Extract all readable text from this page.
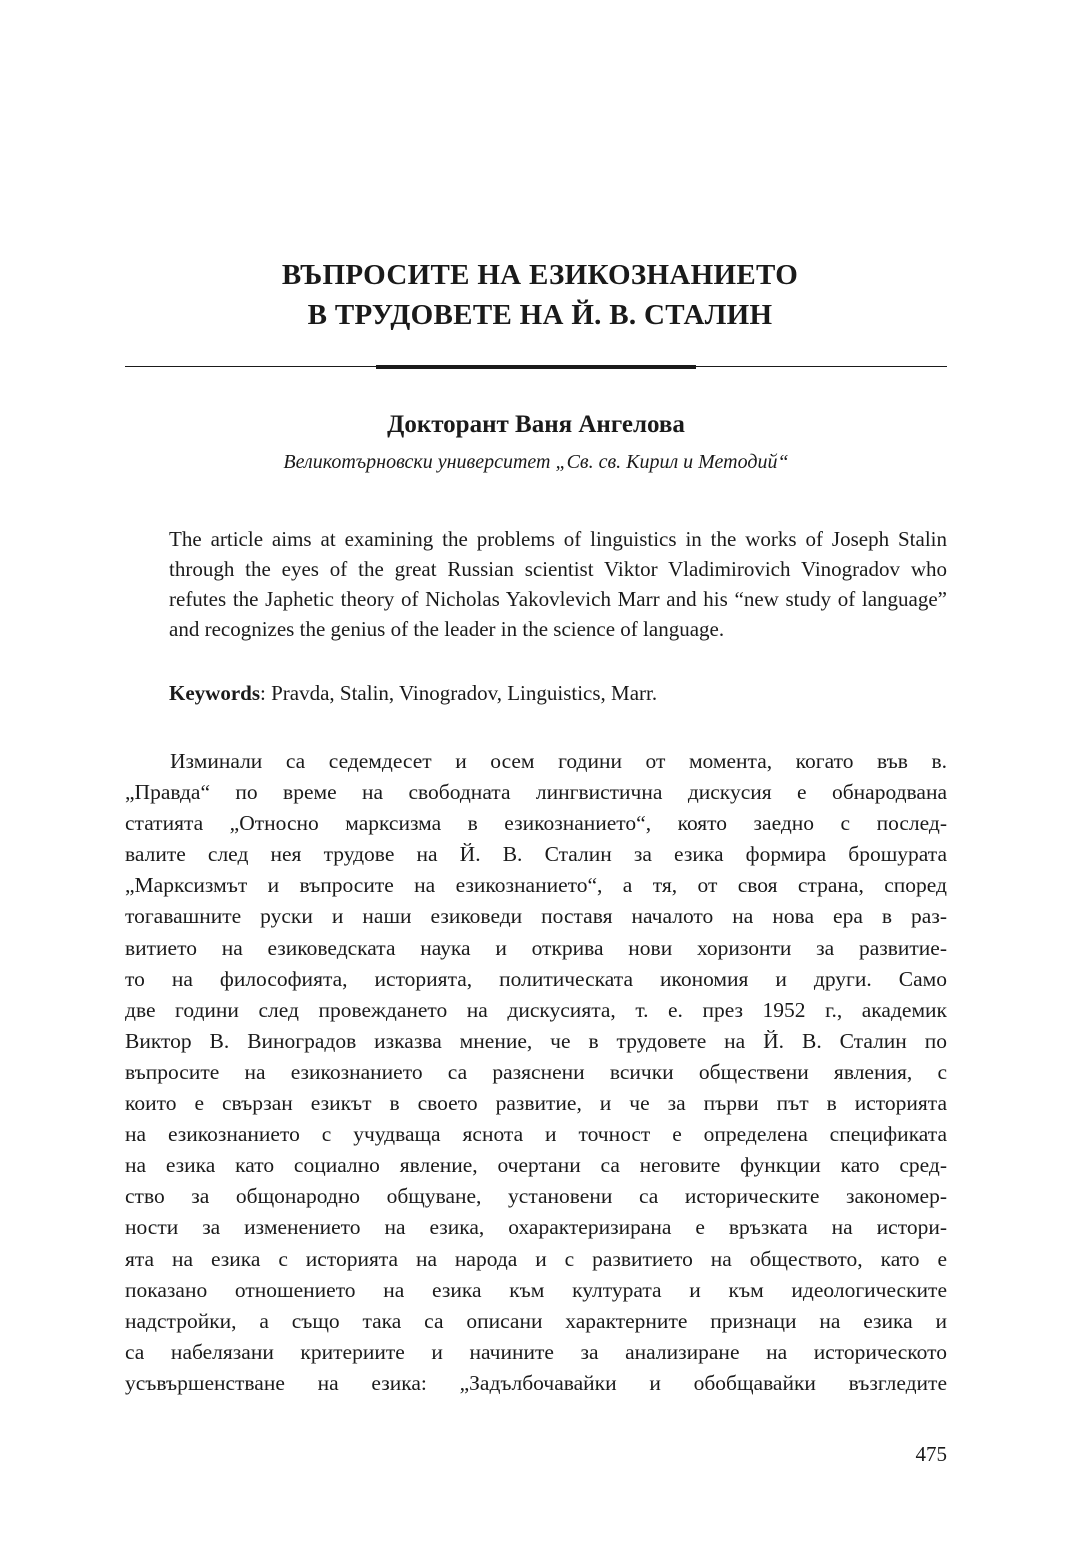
ВЪПРОСИТЕ НА ЕЗИКОЗНАНИЕТО
В ТРУДОВЕТЕ НА Й. В. СТАЛИН
Докторант Ваня Ангелова
Великотърновски университет „Св. св. Кирил и Методий“

The article aims at examining the problems of linguistics in the works of Joseph Stalin through the eyes of the great Russian scientist Viktor Vladimirovich Vinogradov who refutes the Japhetic theory of Nicholas Yakovlevich Marr and his “new study of language” and recognizes the genius of the leader in the science of language.

Keywords: Pravda, Stalin, Vinogradov, Linguistics, Marr.

Изминали са седемдесет и осем години от момента, когато във в.
„Правда“ по време на свободната лингвистична дискусия е обнародвана
статията „Относно марксизма в езикознанието“, която заедно с послед-
валите след нея трудове на Й. В. Сталин за езика формира брошурата
„Марксизмът и въпросите на езикознанието“, а тя, от своя страна, според
тогавашните руски и наши езиковеди поставя началото на нова ера в раз-
витието на езиковедската наука и открива нови хоризонти за развитие-
то на философията, историята, политическата икономия и други. Само
две години след провеждането на дискусията, т. е. през 1952 г., академик
Виктор В. Виноградов изказва мнение, че в трудовете на Й. В. Сталин по
въпросите на езикознанието са разяснени всички обществени явления, с
които е свързан езикът в своето развитие, и че за първи път в историята
на езикознанието с учудваща яснота и точност е определена спецификата
на езика като социално явление, очертани са неговите функции като сред-
ство за общонародно общуване, установени са историческите закономер-
ности за изменението на езика, охарактеризирана е връзката на истори-
ята на езика с историята на народа и с развитието на обществото, като е
показано отношението на езика към културата и към идеологическите
надстройки, а също така са описани характерните признаци на езика и
са набелязани критериите и начините за анализиране на историческото
усъвършенстване на езика: „Задълбочавайки и обобщавайки възгледите
475
